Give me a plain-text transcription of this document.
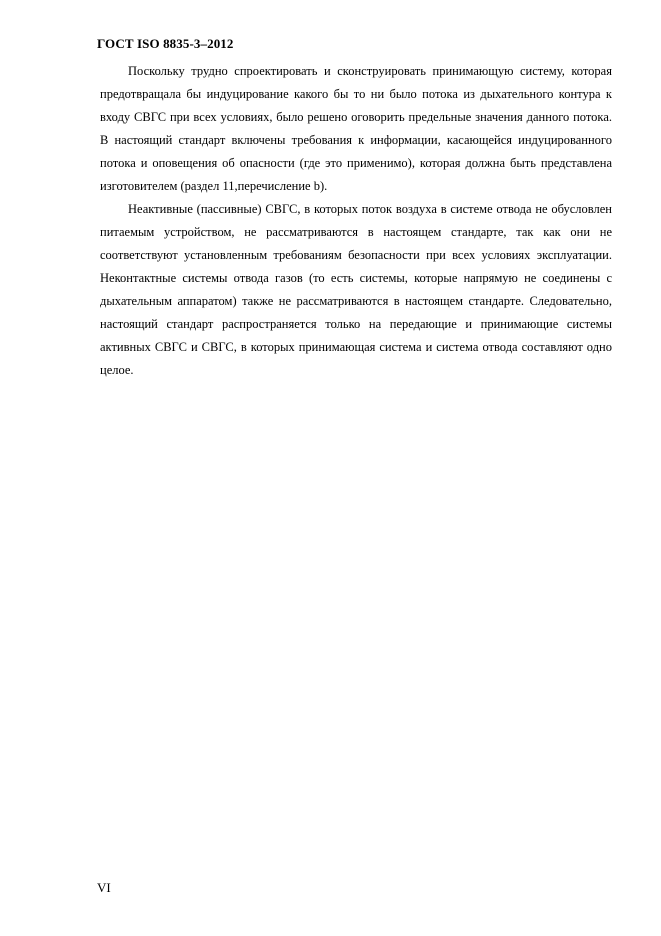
ГОСТ ISO 8835-3–2012

Поскольку трудно спроектировать и сконструировать принимающую систему, которая предотвращала бы индуцирование какого бы то ни было потока из дыхательного контура к входу СВГС при всех условиях, было решено оговорить предельные значения данного потока. В настоящий стандарт включены требования к информации, касающейся индуцированного потока и оповещения об опасности (где это применимо), которая должна быть представлена изготовителем (раздел 11,перечисление b).

Неактивные (пассивные) СВГС, в которых поток воздуха в системе отвода не обусловлен питаемым устройством, не рассматриваются в настоящем стандарте, так как они не соответствуют установленным требованиям безопасности при всех условиях эксплуатации. Неконтактные системы отвода газов (то есть системы, которые напрямую не соединены с дыхательным аппаратом) также не рассматриваются в настоящем стандарте. Следовательно, настоящий стандарт распространяется только на передающие и принимающие системы активных СВГС и СВГС, в которых принимающая система и система отвода составляют одно целое.

VI
